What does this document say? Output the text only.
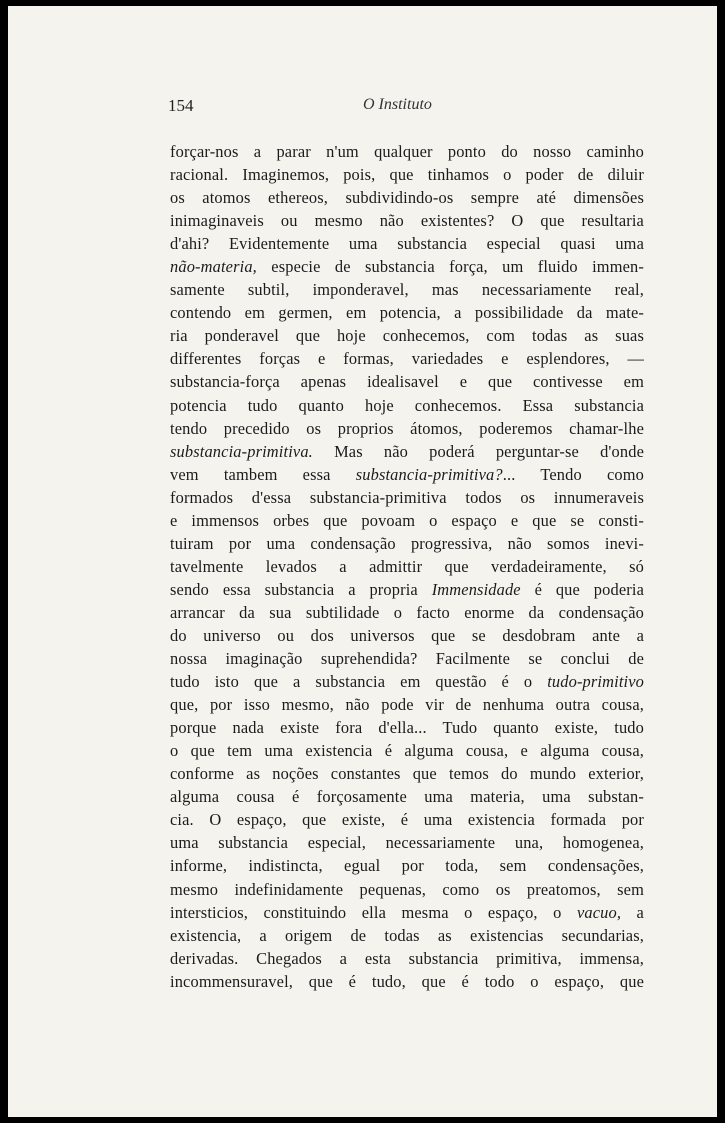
154	O Instituto
forçar-nos a parar n'um qualquer ponto do nosso caminho
racional. Imaginemos, pois, que tinhamos o poder de diluir
os atomos ethereos, subdividindo-os sempre até dimensões
inimaginaveis ou mesmo não existentes? O que resultaria
d'ahi? Evidentemente uma substancia especial quasi uma
não-materia, especie de substancia força, um fluido immen-
samente subtil, imponderavel, mas necessariamente real,
contendo em germen, em potencia, a possibilidade da mate-
ria ponderavel que hoje conhecemos, com todas as suas
differentes forças e formas, variedades e esplendores, —
substancia-força apenas idealisavel e que contivesse em
potencia tudo quanto hoje conhecemos. Essa substancia
tendo precedido os proprios átomos, poderemos chamar-lhe
substancia-primitiva. Mas não poderá perguntar-se d'onde
vem tambem essa substancia-primitiva?... Tendo como
formados d'essa substancia-primitiva todos os innumeraveis
e immensos orbes que povoam o espaço e que se consti-
tuiram por uma condensação progressiva, não somos inevi-
tavelmente levados a admittir que verdadeiramente, só
sendo essa substancia a propria Immensidade é que poderia
arrancar da sua subtilidade o facto enorme da condensação
do universo ou dos universos que se desdobram ante a
nossa imaginação suprehendida? Facilmente se conclui de
tudo isto que a substancia em questão é o tudo-primitivo
que, por isso mesmo, não pode vir de nenhuma outra cousa,
porque nada existe fora d'ella... Tudo quanto existe, tudo
o que tem uma existencia é alguma cousa, e alguma cousa,
conforme as noções constantes que temos do mundo exterior,
alguma cousa é forçosamente uma materia, uma substan-
cia. O espaço, que existe, é uma existencia formada por
uma substancia especial, necessariamente una, homogenea,
informe, indistincta, egual por toda, sem condensações,
mesmo indefinidamente pequenas, como os preatomos, sem
intersticios, constituindo ella mesma o espaço, o vacuo, a
existencia, a origem de todas as existencias secundarias,
derivadas. Chegados a esta substancia primitiva, immensa,
incommensuravel, que é tudo, que é todo o espaço, que
